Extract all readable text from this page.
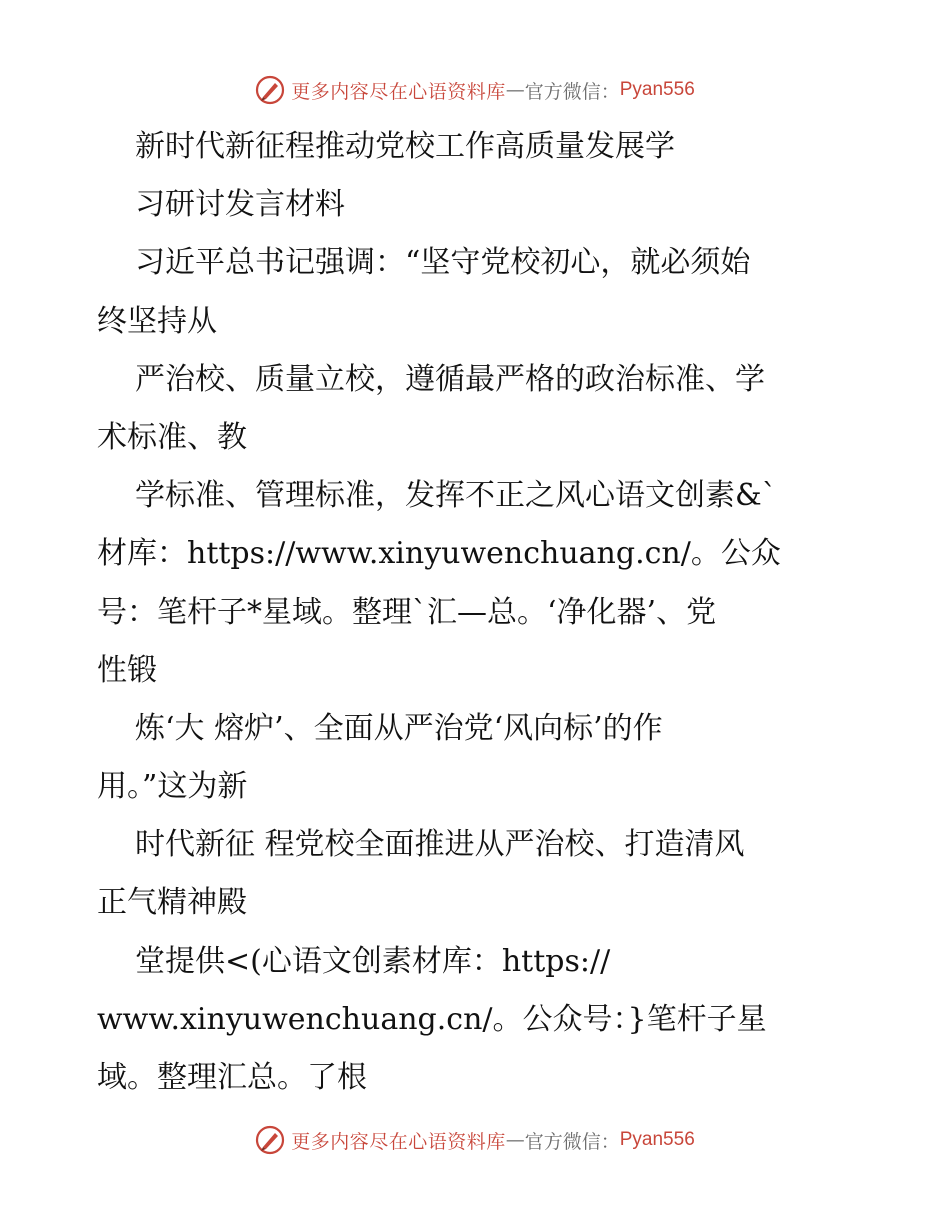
更多内容尽在心语资料库 — 官方微信： Pyan556
新时代新征程推动党校工作高质量发展学
习研讨发言材料
习近平总书记强调：“坚守党校初心，就必须始
终坚持从
严治校、质量立校，遵循最严格的政治标准、学
术标准、教
学标准、管理标准，发挥不正之风心语文创素&`
材库：https://www.xinyuwenchuang.cn/。公众
号：笔杆子*星域。整理`汇—总。‘净化器’、党
性锻
炼‘大 熔炉’、全面从严治党‘风向标’的作
用。”这为新
时代新征 程党校全面推进从严治校、打造清风
正气精神殿
堂提供<(心语文创素材库：https://
www.xinyuwenchuang.cn/。公众号：}笔杆子星
域。整理汇总。了根
更多内容尽在心语资料库 — 官方微信： Pyan556
